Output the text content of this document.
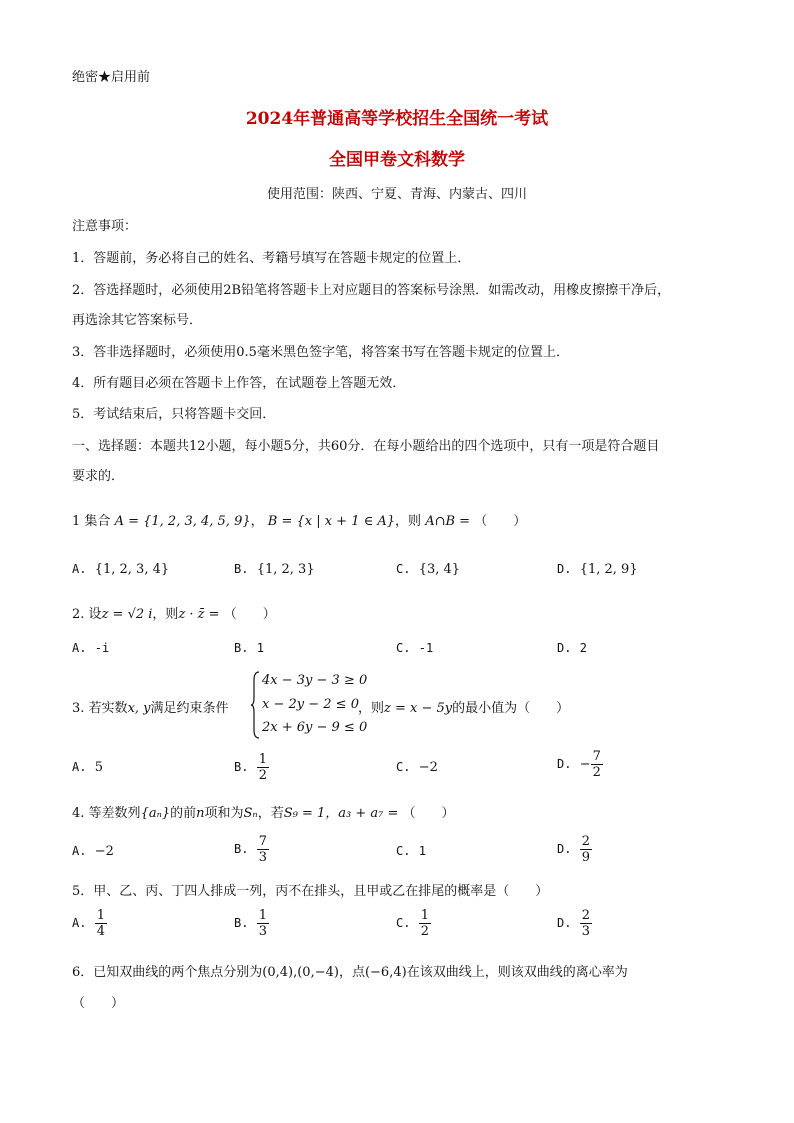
绝密★启用前
2024年普通高等学校招生全国统一考试
全国甲卷文科数学
使用范围：陕西、宁夏、青海、内蒙古、四川
注意事项：
1．答题前，务必将自己的姓名、考籍号填写在答题卡规定的位置上．
2．答选择题时，必须使用2B铅笔将答题卡上对应题目的答案标号涂黑．如需改动，用橡皮擦擦干净后，
再选涂其它答案标号．
3．答非选择题时，必须使用0.5毫米黑色签字笔，将答案书写在答题卡规定的位置上．
4．所有题目必须在答题卡上作答，在试题卷上答题无效．
5．考试结束后，只将答题卡交回．
一、选择题：本题共12小题，每小题5分，共60分．在每小题给出的四个选项中，只有一项是符合题目
要求的．
1 集合 A = {1, 2, 3, 4, 5, 9}， B = {x | x + 1 ∈ A}，则 A∩B = （　　）
A. {1, 2, 3, 4}	B. {1, 2, 3}	C. {3, 4}	D. {1, 2, 9}
2. 设z = √2 i，则z · z̄ = （　　）
A. -i	B. 1	C. -1	D. 2
3. 若实数x, y满足约束条件
4x − 3y − 3 ≥ 0
x − 2y − 2 ≤ 0
2x + 6y − 9 ≤ 0
，则z = x − 5y的最小值为（　　）
A. 5	B. $\frac{1}{2}$	C. −2	D. − $\frac{7}{2}$
4. 等差数列{aₙ}的前n项和为Sₙ，若S₉ = 1，a₃ + a₇ = （　　）
A. −2	B. $\frac{7}{3}$	C. 1	D. $\frac{2}{9}$
5．甲、乙、丙、丁四人排成一列，丙不在排头，且甲或乙在排尾的概率是（　　）
A. $\frac{1}{4}$	B. $\frac{1}{3}$	C. $\frac{1}{2}$	D. $\frac{2}{3}$
6．已知双曲线的两个焦点分别为(0,4),(0,−4)，点(−6,4)在该双曲线上，则该双曲线的离心率为
（　　）
